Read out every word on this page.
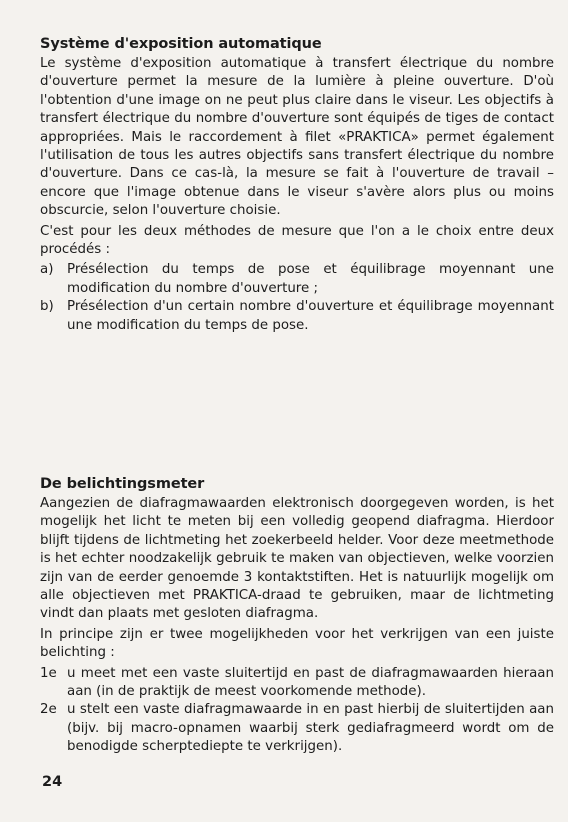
Système d'exposition automatique

Le système d'exposition automatique à transfert électrique du nombre d'ouverture permet la mesure de la lumière à pleine ouverture. D'où l'obtention d'une image on ne peut plus claire dans le viseur. Les objectifs à transfert électrique du nombre d'ouverture sont équipés de tiges de contact appropriées. Mais le raccordement à filet «PRAKTICA» permet également l'utilisation de tous les autres objectifs sans transfert électrique du nombre d'ouverture. Dans ce cas-là, la mesure se fait à l'ouverture de travail – encore que l'image obtenue dans le viseur s'avère alors plus ou moins obscurcie, selon l'ouverture choisie.

C'est pour les deux méthodes de mesure que l'on a le choix entre deux procédés :

a) Présélection du temps de pose et équilibrage moyennant une modification du nombre d'ouverture ;
b) Présélection d'un certain nombre d'ouverture et équilibrage moyennant une modification du temps de pose.
De belichtingsmeter

Aangezien de diafragmawaarden elektronisch doorgegeven worden, is het mogelijk het licht te meten bij een volledig geopend diafragma. Hierdoor blijft tijdens de lichtmeting het zoekerbeeld helder. Voor deze meetmethode is het echter noodzakelijk gebruik te maken van objectieven, welke voorzien zijn van de eerder genoemde 3 kontaktstiften. Het is natuurlijk mogelijk om alle objectieven met PRAKTICA-draad te gebruiken, maar de lichtmeting vindt dan plaats met gesloten diafragma.

In principe zijn er twee mogelijkheden voor het verkrijgen van een juiste belichting :

1e u meet met een vaste sluitertijd en past de diafragmawaarden hieraan aan (in de praktijk de meest voorkomende methode).
2e u stelt een vaste diafragmawaarde in en past hierbij de sluitertijden aan (bijv. bij macro-opnamen waarbij sterk gediafragmeerd wordt om de benodigde scherptediepte te verkrijgen).
24
